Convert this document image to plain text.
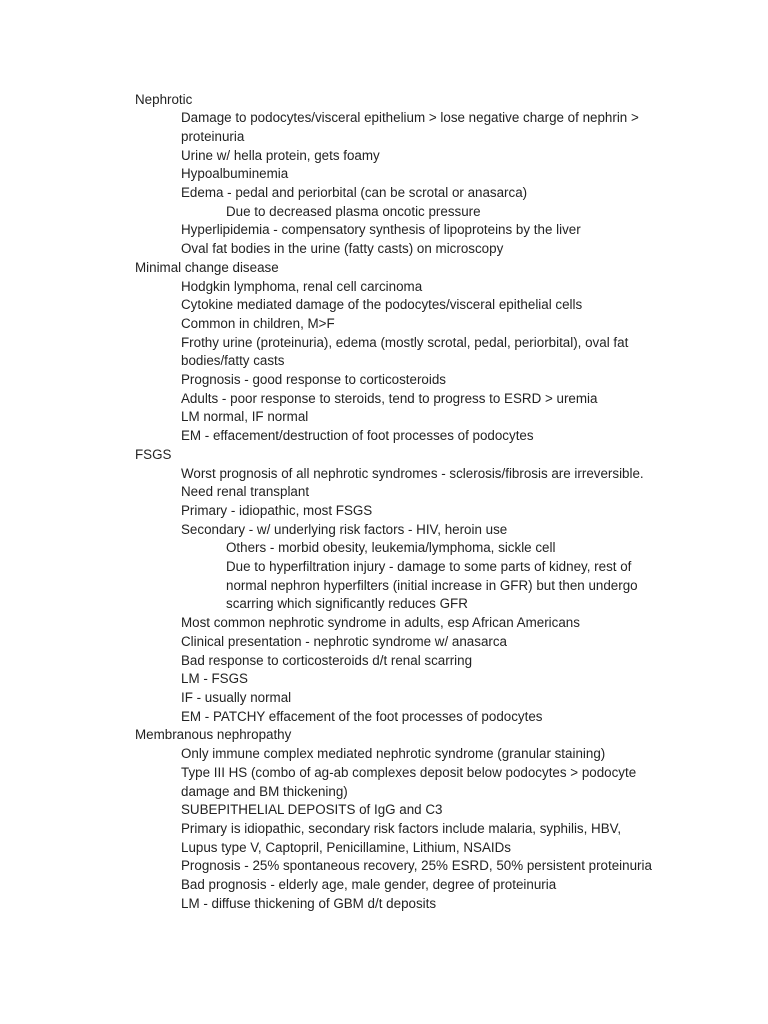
Nephrotic
Damage to podocytes/visceral epithelium > lose negative charge of nephrin > proteinuria
Urine w/ hella protein, gets foamy
Hypoalbuminemia
Edema - pedal and periorbital (can be scrotal or anasarca)
Due to decreased plasma oncotic pressure
Hyperlipidemia - compensatory synthesis of lipoproteins by the liver
Oval fat bodies in the urine (fatty casts) on microscopy
Minimal change disease
Hodgkin lymphoma, renal cell carcinoma
Cytokine mediated damage of the podocytes/visceral epithelial cells
Common in children, M>F
Frothy urine (proteinuria), edema (mostly scrotal, pedal, periorbital), oval fat bodies/fatty casts
Prognosis - good response to corticosteroids
Adults - poor response to steroids, tend to progress to ESRD > uremia
LM normal, IF normal
EM - effacement/destruction of foot processes of podocytes
FSGS
Worst prognosis of all nephrotic syndromes - sclerosis/fibrosis are irreversible. Need renal transplant
Primary - idiopathic, most FSGS
Secondary - w/ underlying risk factors - HIV, heroin use
Others - morbid obesity, leukemia/lymphoma, sickle cell
Due to hyperfiltration injury - damage to some parts of kidney, rest of normal nephron hyperfilters (initial increase in GFR) but then undergo scarring which significantly reduces GFR
Most common nephrotic syndrome in adults, esp African Americans
Clinical presentation - nephrotic syndrome w/ anasarca
Bad response to corticosteroids d/t renal scarring
LM - FSGS
IF - usually normal
EM - PATCHY effacement of the foot processes of podocytes
Membranous nephropathy
Only immune complex mediated nephrotic syndrome (granular staining)
Type III HS (combo of ag-ab complexes deposit below podocytes > podocyte damage and BM thickening)
SUBEPITHELIAL DEPOSITS of IgG and C3
Primary is idiopathic, secondary risk factors include malaria, syphilis, HBV, Lupus type V, Captopril, Penicillamine, Lithium, NSAIDs
Prognosis - 25% spontaneous recovery, 25% ESRD, 50% persistent proteinuria
Bad prognosis - elderly age, male gender, degree of proteinuria
LM - diffuse thickening of GBM d/t deposits
